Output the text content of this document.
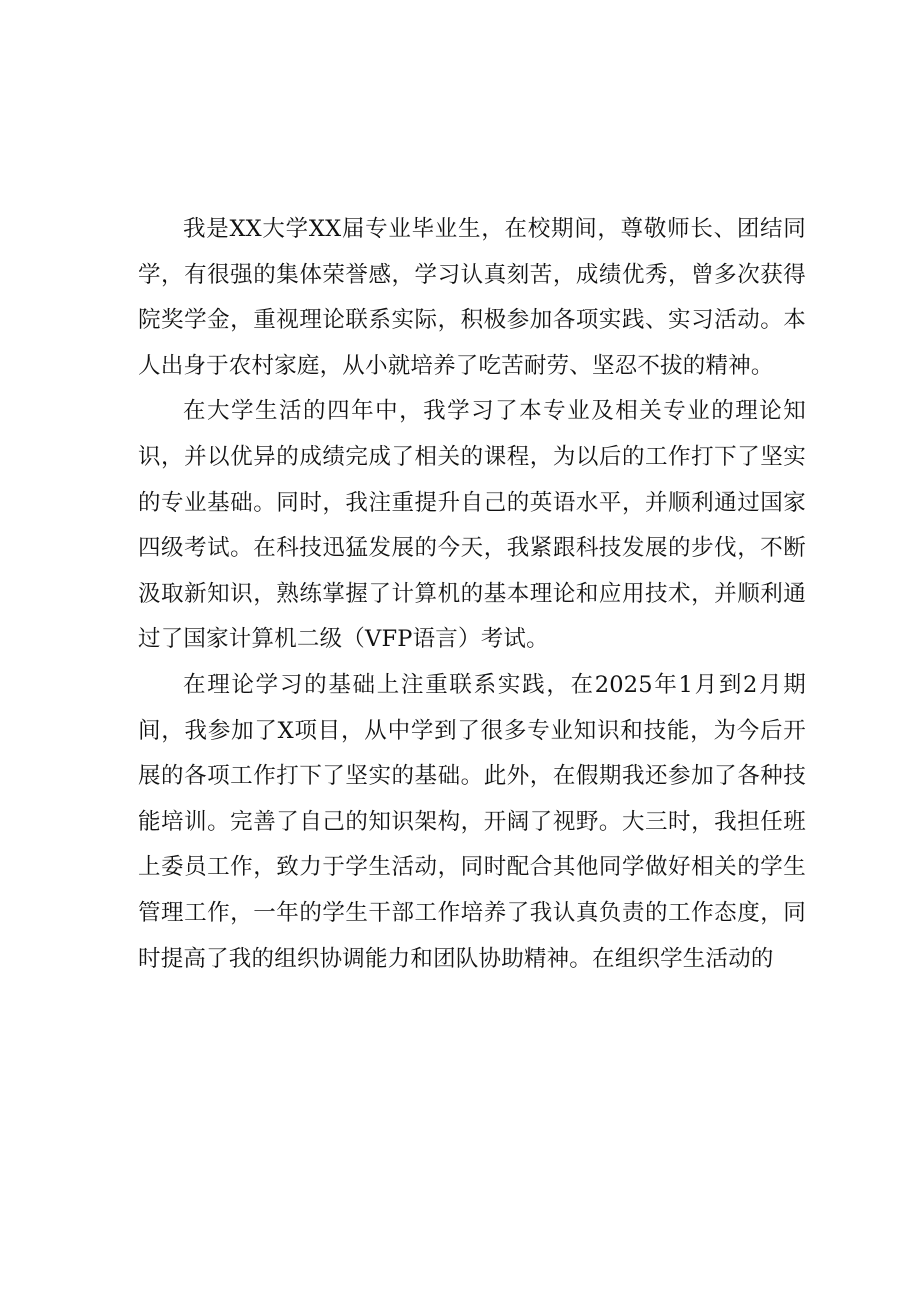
我是XX大学XX届专业毕业生，在校期间，尊敬师长、团结同学，有很强的集体荣誉感，学习认真刻苦，成绩优秀，曾多次获得院奖学金，重视理论联系实际，积极参加各项实践、实习活动。本人出身于农村家庭，从小就培养了吃苦耐劳、坚忍不拔的精神。

在大学生活的四年中，我学习了本专业及相关专业的理论知识，并以优异的成绩完成了相关的课程，为以后的工作打下了坚实的专业基础。同时，我注重提升自己的英语水平，并顺利通过国家四级考试。在科技迅猛发展的今天，我紧跟科技发展的步伐，不断汲取新知识，熟练掌握了计算机的基本理论和应用技术，并顺利通过了国家计算机二级（VFP语言）考试。

在理论学习的基础上注重联系实践，在2025年1月到2月期间，我参加了X项目，从中学到了很多专业知识和技能，为今后开展的各项工作打下了坚实的基础。此外，在假期我还参加了各种技能培训。完善了自己的知识架构，开阔了视野。大三时，我担任班上委员工作，致力于学生活动，同时配合其他同学做好相关的学生管理工作，一年的学生干部工作培养了我认真负责的工作态度，同时提高了我的组织协调能力和团队协助精神。在组织学生活动的
